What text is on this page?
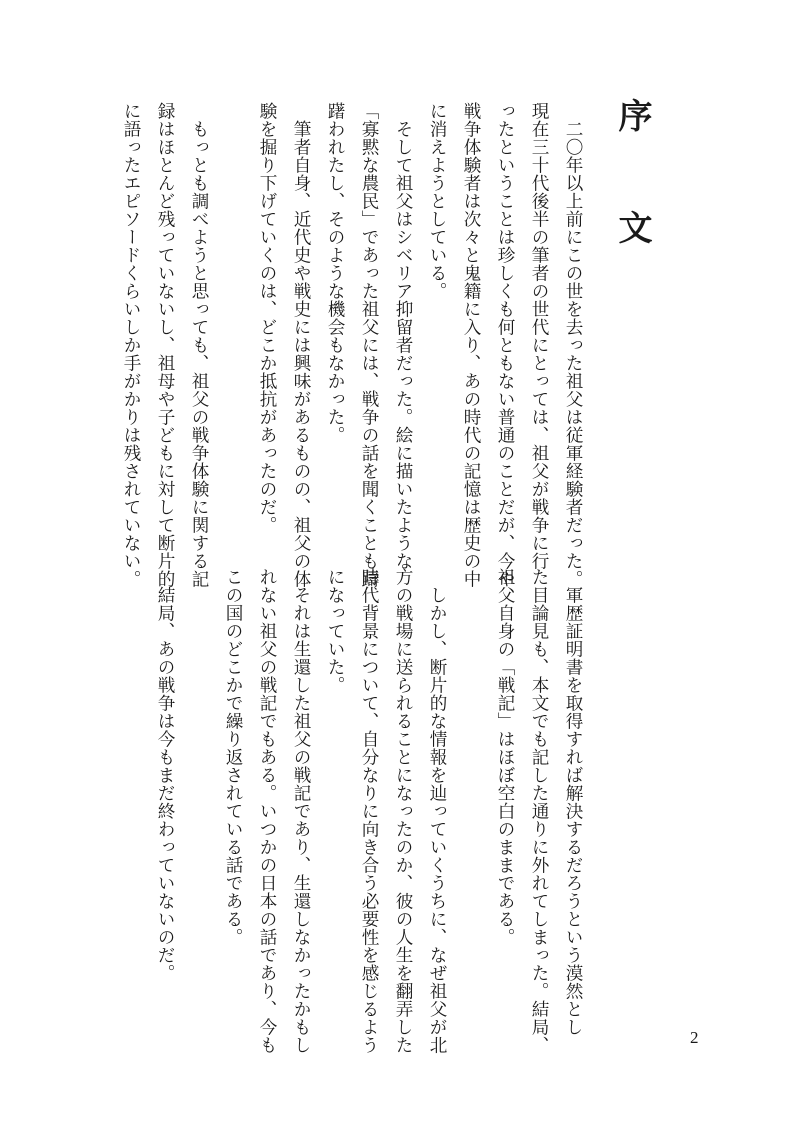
序　文
　二〇年以上前にこの世を去った祖父は従軍経験者だった。
現在三十代後半の筆者の世代にとっては、祖父が戦争に行
ったということは珍しくも何ともない普通のことだが、今や
戦争体験者は次々と鬼籍に入り、あの時代の記憶は歴史の中
に消えようとしている。
　そして祖父はシベリア抑留者だった。絵に描いたような
「寡黙な農民」であった祖父には、戦争の話を聞くことも躊
躇われたし、そのような機会もなかった。
　筆者自身、近代史や戦史には興味があるものの、祖父の体
験を掘り下げていくのは、どこか抵抗があったのだ。
　もっとも調べようと思っても、祖父の戦争体験に関する記
録はほとんど残っていないし、祖母や子どもに対して断片的
に語ったエピソードくらいしか手がかりは残されていない。
　軍歴証明書を取得すれば解決するだろうという漠然とし
た目論見も、本文でも記した通りに外れてしまった。結局、
祖父自身の「戦記」はほぼ空白のままである。
　しかし、断片的な情報を辿っていくうちに、なぜ祖父が北
方の戦場に送られることになったのか、彼の人生を翻弄した
時代背景について、自分なりに向き合う必要性を感じるよう
になっていた。
　それは生還した祖父の戦記であり、生還しなかったかもし
れない祖父の戦記でもある。いつかの日本の話であり、今も
この国のどこかで繰り返されている話である。
　結局、あの戦争は今もまだ終わっていないのだ。
2
